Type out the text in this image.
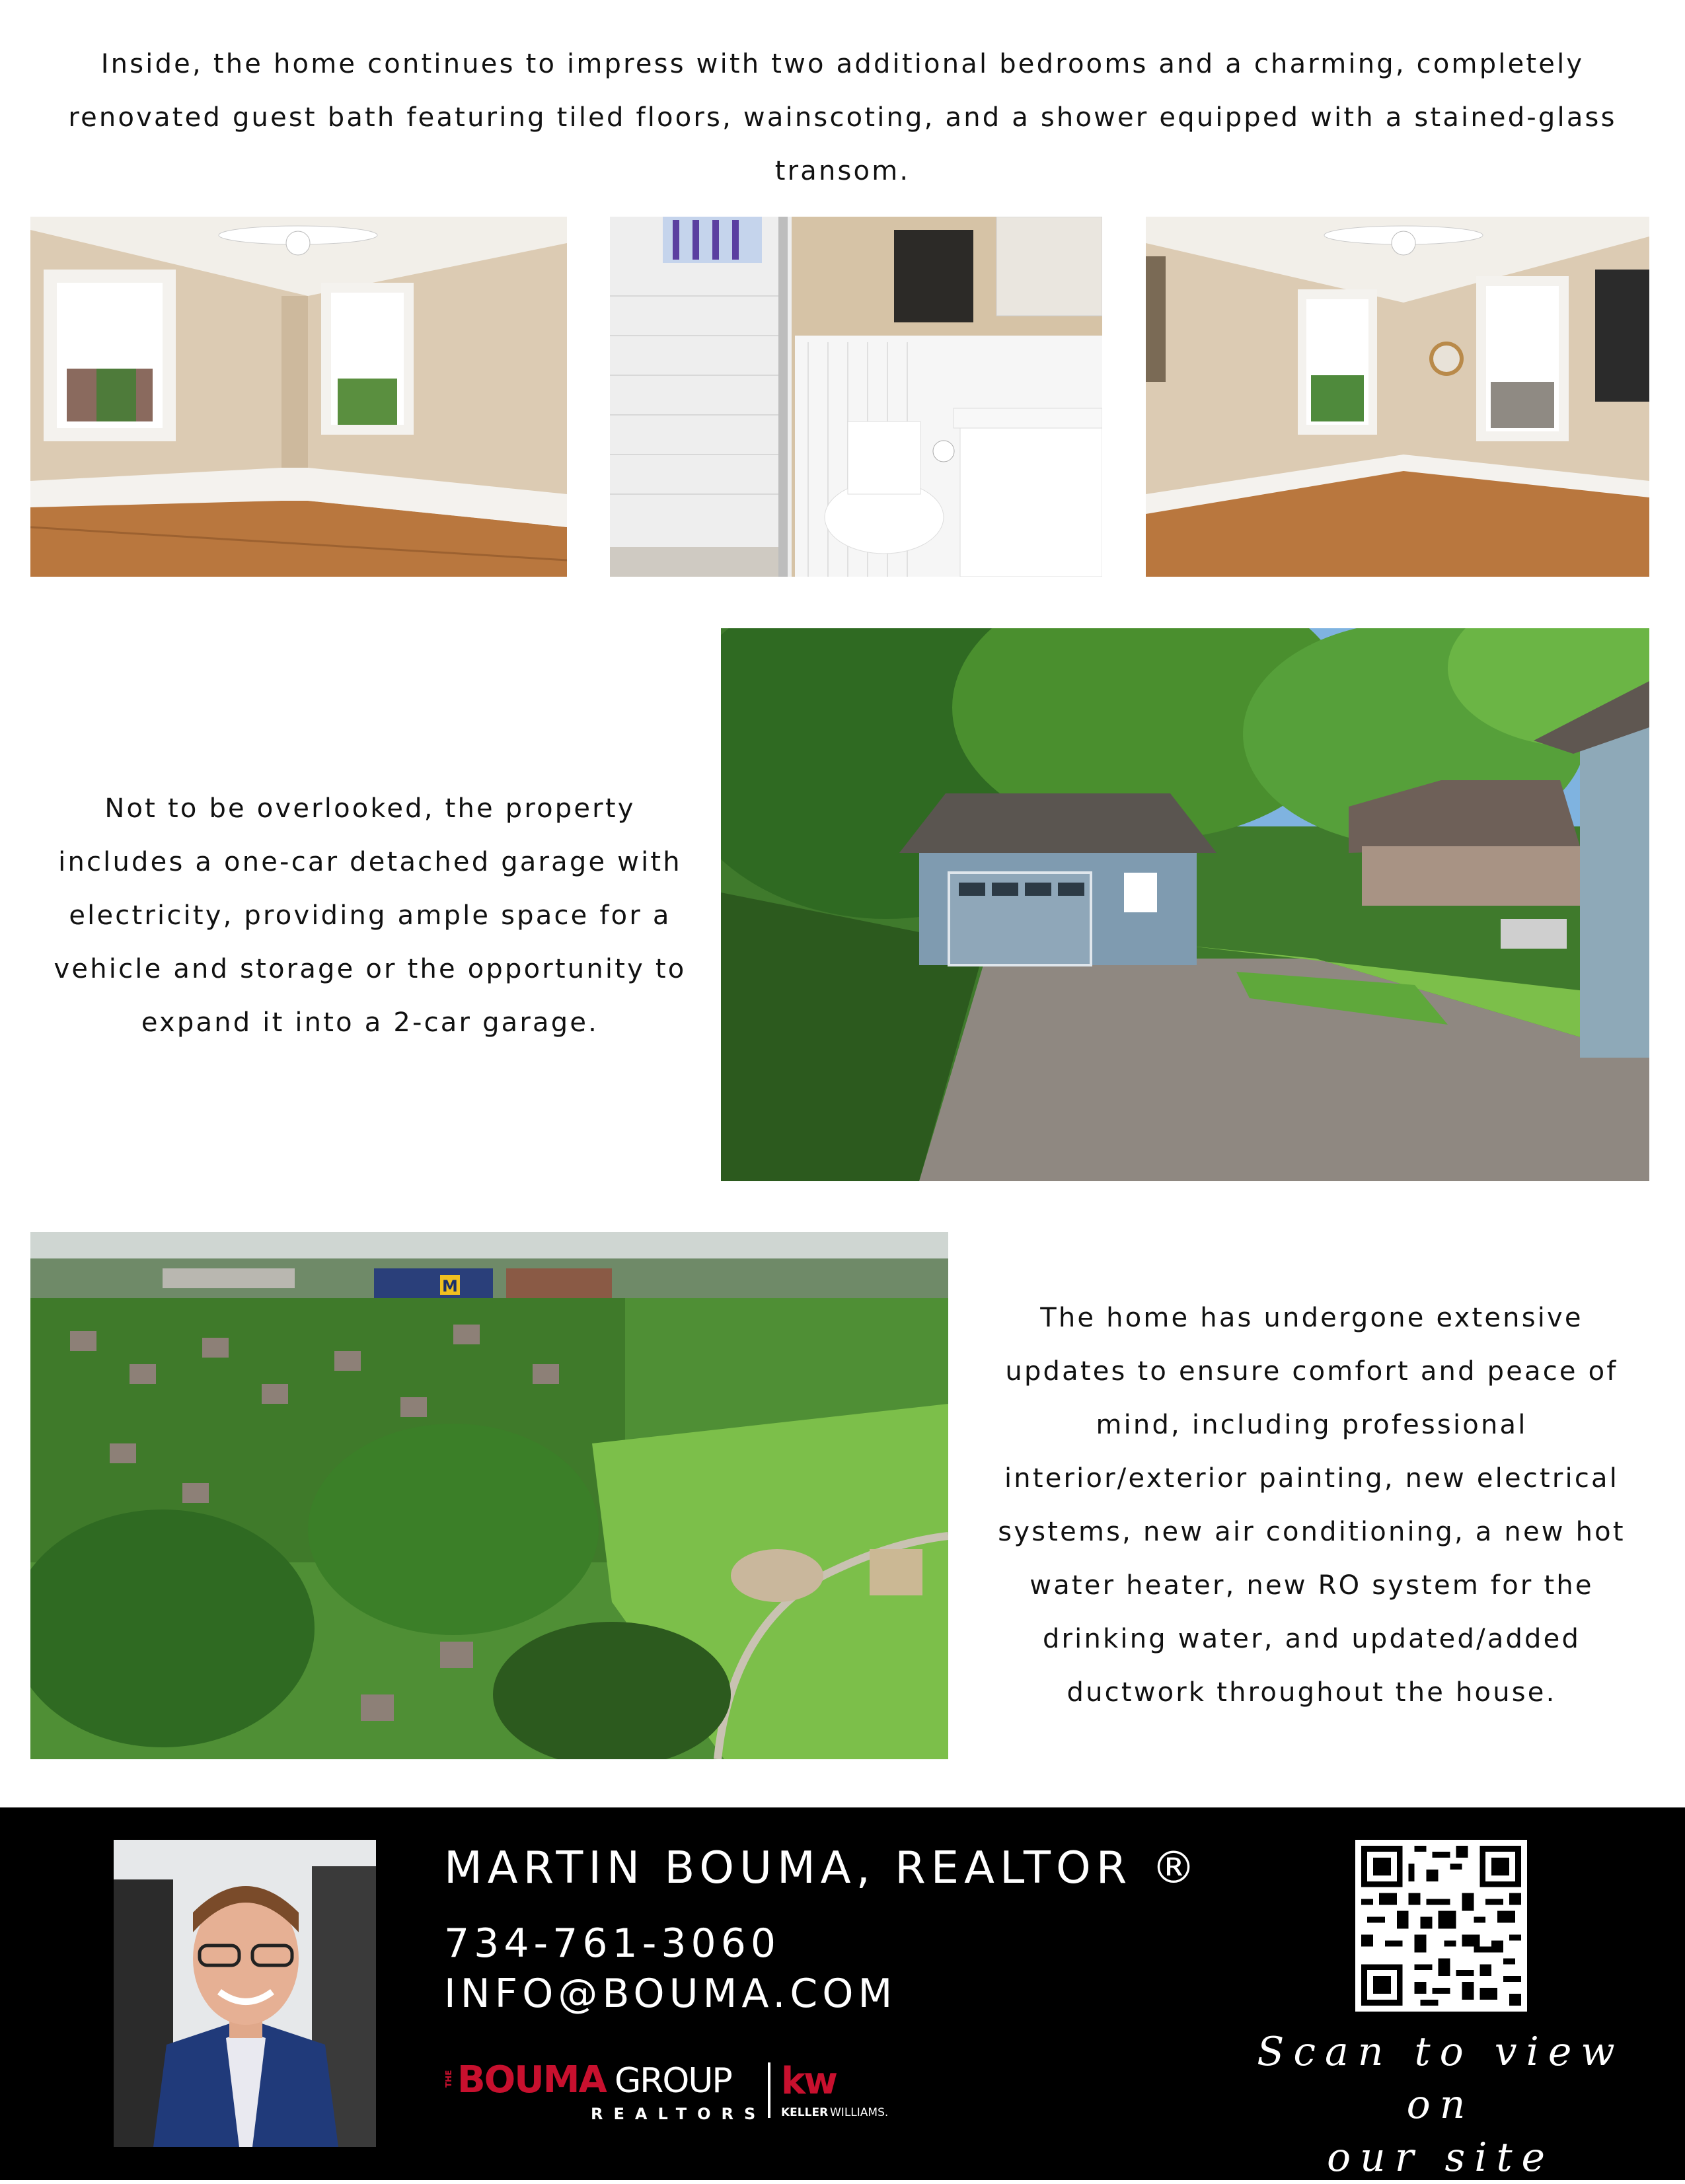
Inside, the home continues to impress with two additional bedrooms and a charming, completely renovated guest bath featuring tiled floors, wainscoting, and a shower equipped with a stained-glass transom.

Not to be overlooked, the property includes a one-car detached garage with electricity, providing ample space for a vehicle and storage or the opportunity to expand it into a 2-car garage.

M

The home has undergone extensive updates to ensure comfort and peace of mind, including professional interior/exterior painting, new electrical systems, new air conditioning, a new hot water heater, new RO system for the drinking water, and updated/added ductwork throughout the house.

MARTIN BOUMA, REALTOR ®
734-761-3060
INFO@BOUMA.COM
THE BOUMA GROUP
REALTORS
kw
KELLER WILLIAMS.
Scan to view on
our site
